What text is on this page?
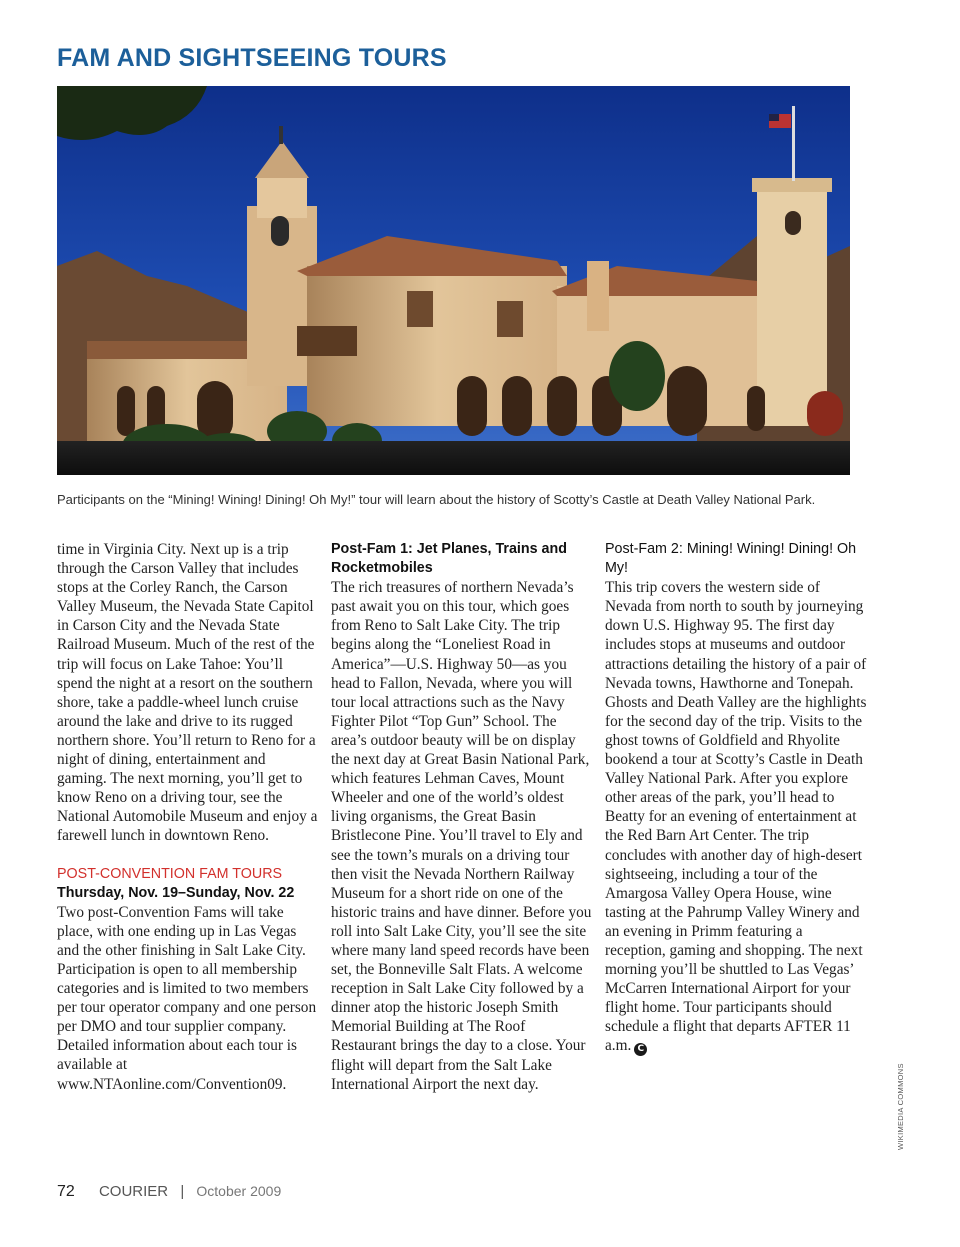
FAM AND SIGHTSEEING TOURS
Participants on the “Mining! Wining! Dining! Oh My!” tour will learn about the history of Scotty’s Castle at Death Valley National Park.

time in Virginia City. Next up is a trip through the Carson Valley that includes stops at the Corley Ranch, the Carson Valley Museum, the Nevada State Capitol in Carson City and the Nevada State Railroad Museum. Much of the rest of the trip will focus on Lake Tahoe: You’ll spend the night at a resort on the southern shore, take a paddle-wheel lunch cruise around the lake and drive to its rugged northern shore. You’ll return to Reno for a night of dining, entertainment and gaming. The next morning, you’ll get to know Reno on a driving tour, see the National Automobile Museum and enjoy a farewell lunch in downtown Reno.

POST-CONVENTION FAM TOURS
Thursday, Nov. 19–Sunday, Nov. 22

Two post-Convention Fams will take place, with one ending up in Las Vegas and the other finishing in Salt Lake City. Participation is open to all membership categories and is limited to two members per tour operator company and one person per DMO and tour supplier company. Detailed information about each tour is available at www.NTAonline.com/Convention09.

Post-Fam 1: Jet Planes, Trains and Rocketmobiles

The rich treasures of northern Nevada’s past await you on this tour, which goes from Reno to Salt Lake City. The trip begins along the “Loneliest Road in America”—U.S. Highway 50—as you head to Fallon, Nevada, where you will tour local attractions such as the Navy Fighter Pilot “Top Gun” School. The area’s outdoor beauty will be on display the next day at Great Basin National Park, which features Lehman Caves, Mount Wheeler and one of the world’s oldest living organisms, the Great Basin Bristlecone Pine. You’ll travel to Ely and see the town’s murals on a driving tour then visit the Nevada Northern Railway Museum for a short ride on one of the historic trains and have dinner. Before you roll into Salt Lake City, you’ll see the site where many land speed records have been set, the Bonneville Salt Flats. A welcome reception in Salt Lake City followed by a dinner atop the historic Joseph Smith Memorial Building at The Roof Restaurant brings the day to a close. Your flight will depart from the Salt Lake International Airport the next day.

Post-Fam 2: Mining! Wining! Dining! Oh My!

This trip covers the western side of Nevada from north to south by journeying down U.S. Highway 95. The first day includes stops at museums and outdoor attractions detailing the history of a pair of Nevada towns, Hawthorne and Tonepah. Ghosts and Death Valley are the highlights for the second day of the trip. Visits to the ghost towns of Goldfield and Rhyolite bookend a tour at Scotty’s Castle in Death Valley National Park. After you explore other areas of the park, you’ll head to Beatty for an evening of entertainment at the Red Barn Art Center. The trip concludes with another day of high-desert sightseeing, including a tour of the Amargosa Valley Opera House, wine tasting at the Pahrump Valley Winery and an evening in Primm featuring a reception, gaming and shopping. The next morning you’ll be shuttled to Las Vegas’ McCarren International Airport for your flight home. Tour participants should schedule a flight that departs AFTER 11 a.m. C

WIKIMEDIA COMMONS
72 COURIER | October 2009
